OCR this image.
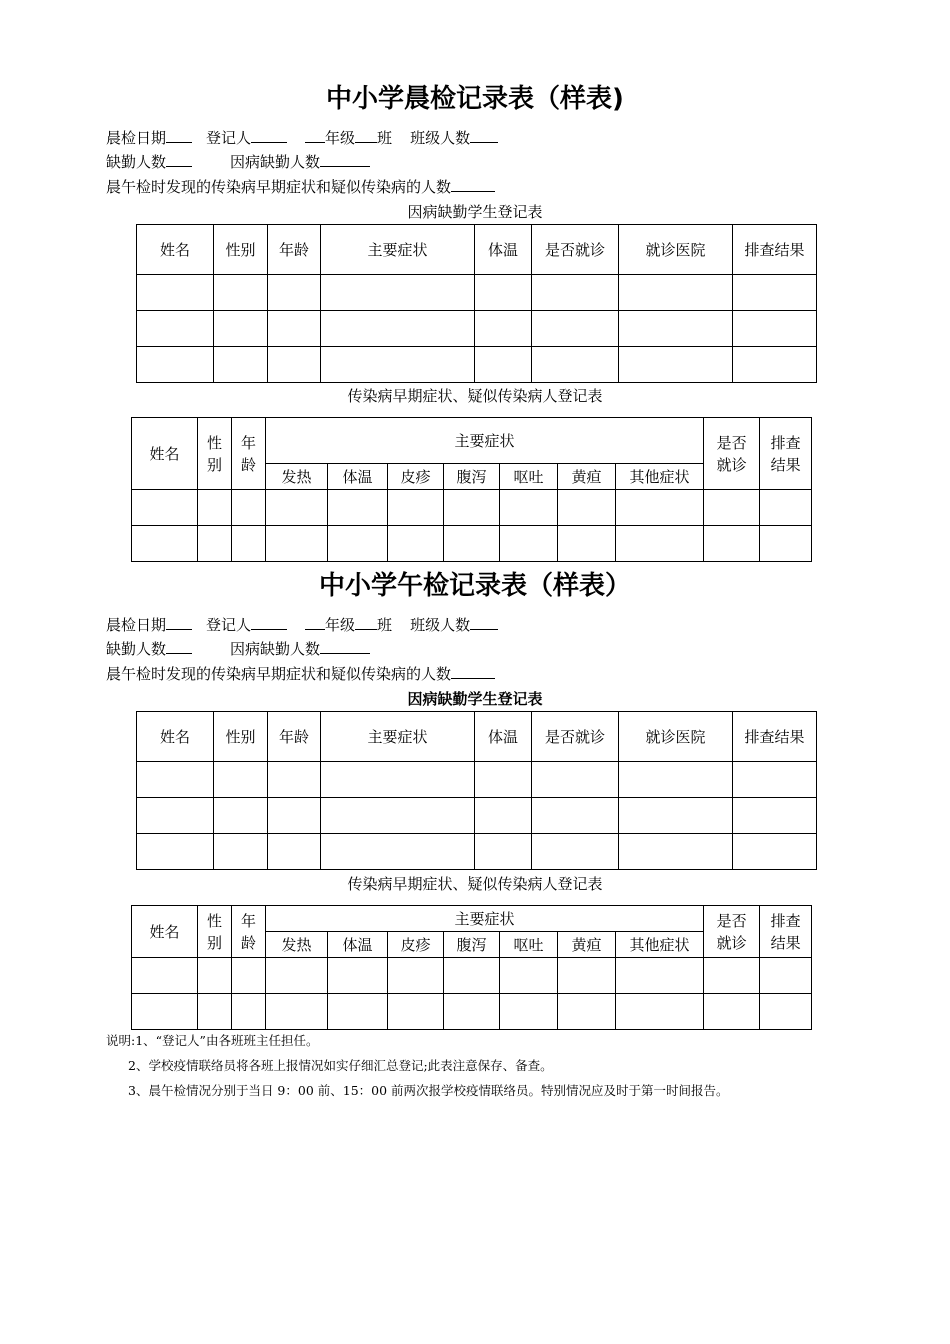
中小学晨检记录表（样表)
晨检日期	登记人	年级 班 班级人数
缺勤人数	因病缺勤人数
晨午检时发现的传染病早期症状和疑似传染病的人数
因病缺勤学生登记表
姓名	性别	年龄	主要症状	体温	是否就诊	就诊医院	排查结果

传染病早期症状、疑似传染病人登记表
姓名	性别	年龄	主要症状							是否就诊	排查结果
			发热	体温	皮疹	腹泻	呕吐	黄疸	其他症状		

中小学午检记录表（样表）
晨检日期	登记人	年级 班 班级人数
缺勤人数	因病缺勤人数
晨午检时发现的传染病早期症状和疑似传染病的人数
因病缺勤学生登记表
姓名	性别	年龄	主要症状	体温	是否就诊	就诊医院	排查结果

传染病早期症状、疑似传染病人登记表
姓名	性别	年龄	主要症状							是否就诊	排查结果
			发热	体温	皮疹	腹泻	呕吐	黄疸	其他症状		

说明:1、“登记人”由各班班主任担任。
2、学校疫情联络员将各班上报情况如实仔细汇总登记;此表注意保存、备查。
3、晨午检情况分别于当日 9：00 前、15：00 前两次报学校疫情联络员。特别情况应及时于第一时间报告。
